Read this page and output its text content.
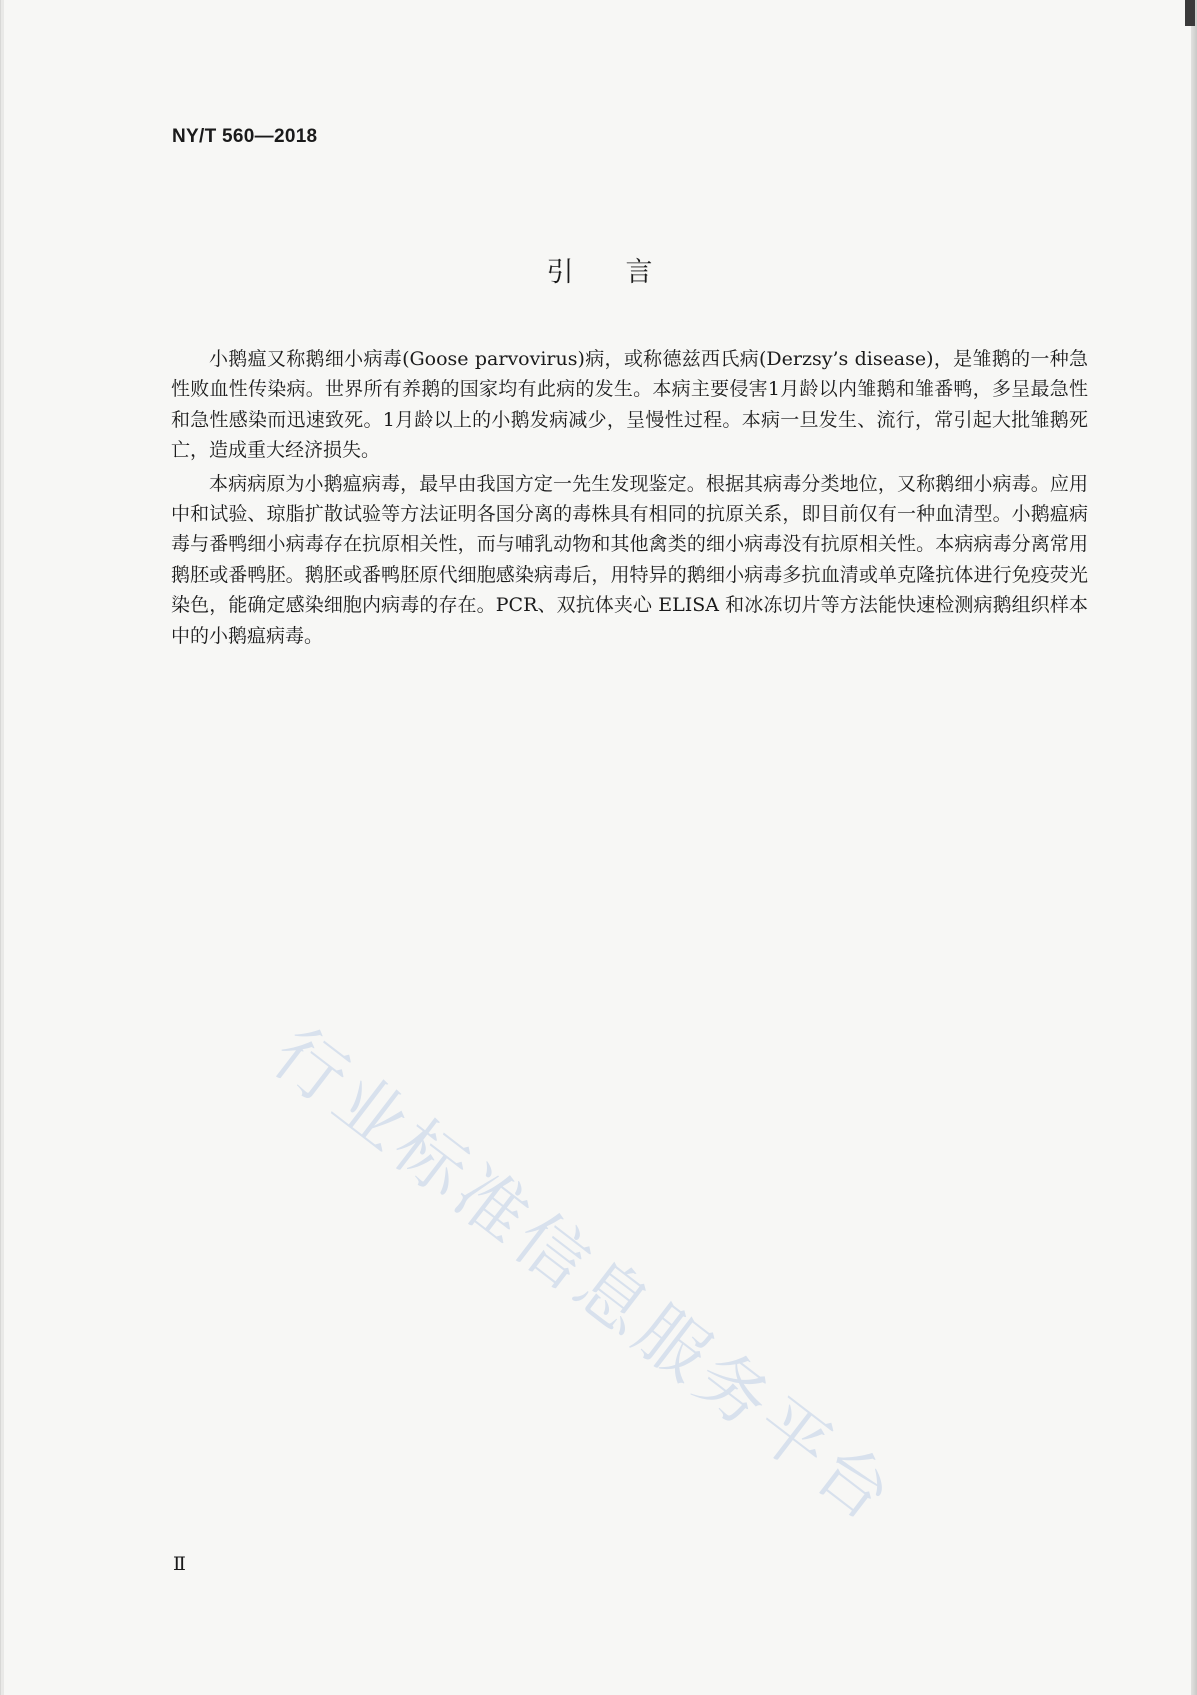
NY/T 560—2018
引言

小鹅瘟又称鹅细小病毒(Goose parvovirus)病，或称德兹西氏病(Derzsy’s disease)，是雏鹅的一种急性败血性传染病。世界所有养鹅的国家均有此病的发生。本病主要侵害1月龄以内雏鹅和雏番鸭，多呈最急性和急性感染而迅速致死。1月龄以上的小鹅发病减少，呈慢性过程。本病一旦发生、流行，常引起大批雏鹅死亡，造成重大经济损失。

本病病原为小鹅瘟病毒，最早由我国方定一先生发现鉴定。根据其病毒分类地位，又称鹅细小病毒。应用中和试验、琼脂扩散试验等方法证明各国分离的毒株具有相同的抗原关系，即目前仅有一种血清型。小鹅瘟病毒与番鸭细小病毒存在抗原相关性，而与哺乳动物和其他禽类的细小病毒没有抗原相关性。本病病毒分离常用鹅胚或番鸭胚。鹅胚或番鸭胚原代细胞感染病毒后，用特异的鹅细小病毒多抗血清或单克隆抗体进行免疫荧光染色，能确定感染细胞内病毒的存在。PCR、双抗体夹心 ELISA 和冰冻切片等方法能快速检测病鹅组织样本中的小鹅瘟病毒。

行业标准信息服务平台
Ⅱ
